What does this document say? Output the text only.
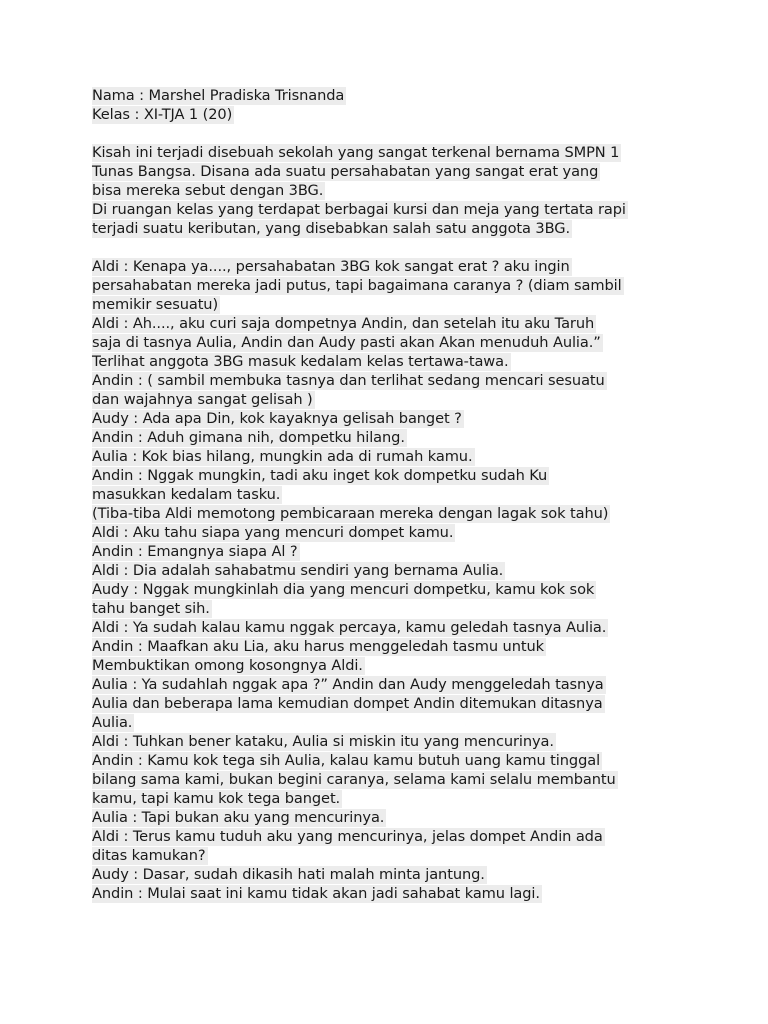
Nama : Marshel Pradiska Trisnanda
Kelas : XI-TJA 1 (20)
Kisah ini terjadi disebuah sekolah yang sangat terkenal bernama SMPN 1
Tunas Bangsa. Disana ada suatu persahabatan yang sangat erat yang
bisa mereka sebut dengan 3BG.
Di ruangan kelas yang terdapat berbagai kursi dan meja yang tertata rapi
terjadi suatu keributan, yang disebabkan salah satu anggota 3BG.
Aldi : Kenapa ya...., persahabatan 3BG kok sangat erat ? aku ingin
persahabatan mereka jadi putus, tapi bagaimana caranya ? (diam sambil
memikir sesuatu)
Aldi : Ah...., aku curi saja dompetnya Andin, dan setelah itu aku Taruh
saja di tasnya Aulia, Andin dan Audy pasti akan Akan menuduh Aulia.”
Terlihat anggota 3BG masuk kedalam kelas tertawa-tawa.
Andin : ( sambil membuka tasnya dan terlihat sedang mencari sesuatu
dan wajahnya sangat gelisah )
Audy : Ada apa Din, kok kayaknya gelisah banget ?
Andin : Aduh gimana nih, dompetku hilang.
Aulia : Kok bias hilang, mungkin ada di rumah kamu.
Andin : Nggak mungkin, tadi aku inget kok dompetku sudah Ku
masukkan kedalam tasku.
(Tiba-tiba Aldi memotong pembicaraan mereka dengan lagak sok tahu)
Aldi : Aku tahu siapa yang mencuri dompet kamu.
Andin : Emangnya siapa Al ?
Aldi : Dia adalah sahabatmu sendiri yang bernama Aulia.
Audy : Nggak mungkinlah dia yang mencuri dompetku, kamu kok sok
tahu banget sih.
Aldi : Ya sudah kalau kamu nggak percaya, kamu geledah tasnya Aulia.
Andin : Maafkan aku Lia, aku harus menggeledah tasmu untuk
Membuktikan omong kosongnya Aldi.
Aulia : Ya sudahlah nggak apa ?” Andin dan Audy menggeledah tasnya
Aulia dan beberapa lama kemudian dompet Andin ditemukan ditasnya
Aulia.
Aldi : Tuhkan bener kataku, Aulia si miskin itu yang mencurinya.
Andin : Kamu kok tega sih Aulia, kalau kamu butuh uang kamu tinggal
bilang sama kami, bukan begini caranya, selama kami selalu membantu
kamu, tapi kamu kok tega banget.
Aulia : Tapi bukan aku yang mencurinya.
Aldi : Terus kamu tuduh aku yang mencurinya, jelas dompet Andin ada
ditas kamukan?
Audy : Dasar, sudah dikasih hati malah minta jantung.
Andin : Mulai saat ini kamu tidak akan jadi sahabat kamu lagi.
